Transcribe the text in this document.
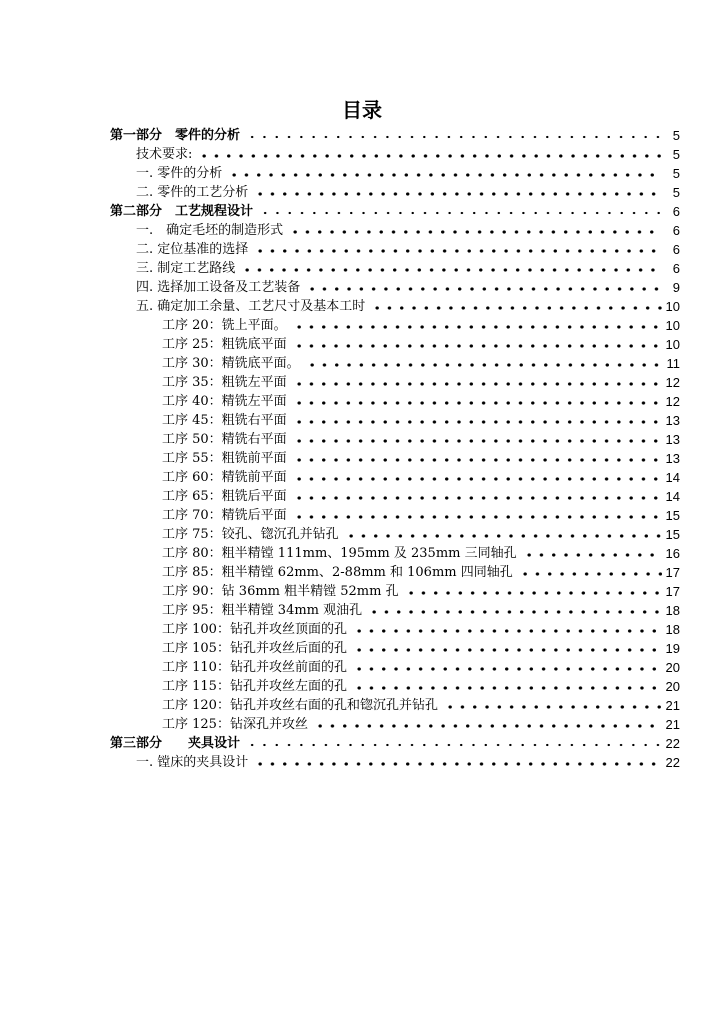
目录
第一部分　零件的分析	5
技术要求:	5
一. 零件的分析	5
二. 零件的工艺分析	5
第二部分　工艺规程设计	6
一.　确定毛坯的制造形式	6
二. 定位基准的选择	6
三. 制定工艺路线	6
四. 选择加工设备及工艺装备	9
五. 确定加工余量、工艺尺寸及基本工时	10
工序 20：铣上平面。	10
工序 25：粗铣底平面	10
工序 30：精铣底平面。	11
工序 35：粗铣左平面	12
工序 40：精铣左平面	12
工序 45：粗铣右平面	13
工序 50：精铣右平面	13
工序 55：粗铣前平面	13
工序 60：精铣前平面	14
工序 65：粗铣后平面	14
工序 70：精铣后平面	15
工序 75：铰孔、锪沉孔并钻孔	15
工序 80：粗半精镗 111mm、195mm 及 235mm 三同轴孔	16
工序 85：粗半精镗 62mm、2-88mm 和 106mm 四同轴孔	17
工序 90：钻 36mm 粗半精镗 52mm 孔	17
工序 95：粗半精镗 34mm 观油孔	18
工序 100：钻孔并攻丝顶面的孔	18
工序 105：钻孔并攻丝后面的孔	19
工序 110：钻孔并攻丝前面的孔	20
工序 115：钻孔并攻丝左面的孔	20
工序 120：钻孔并攻丝右面的孔和锪沉孔并钻孔	21
工序 125：钻深孔并攻丝	21
第三部分　　夹具设计	22
一. 镗床的夹具设计	22
